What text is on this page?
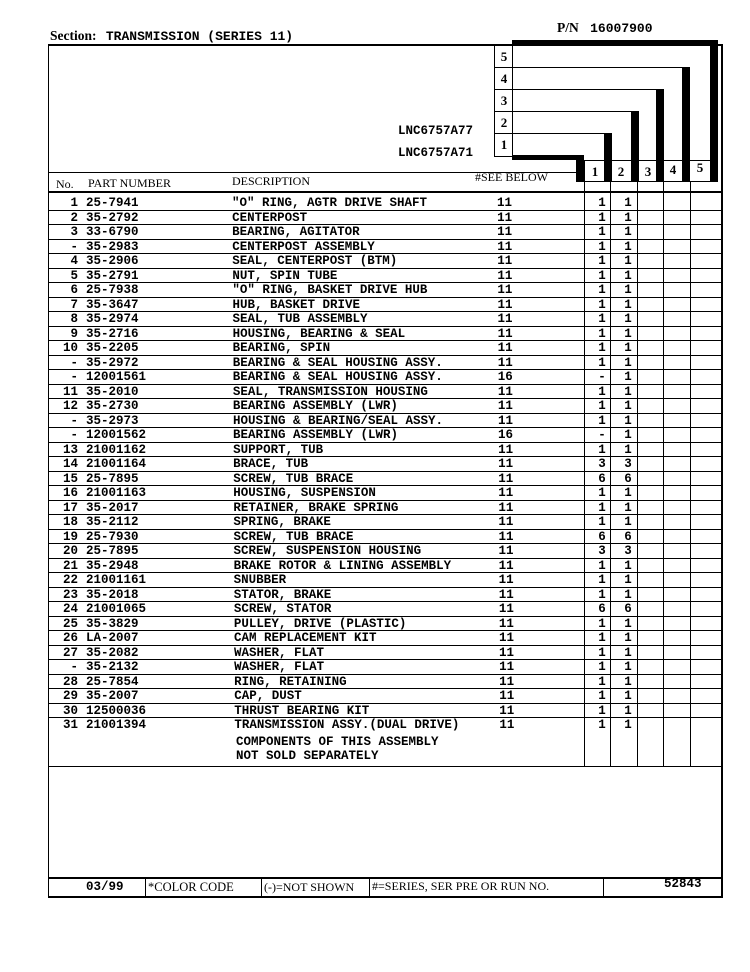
Section: TRANSMISSION (SERIES 11)
P/N 16007900
5
4
3
2
1
1	2	3	4	5
LNC6757A77
LNC6757A71
No. PART NUMBER	DESCRIPTION	#SEE BELOW
1 25-7941	"O" RING, AGTR DRIVE SHAFT	11	1	1
2 35-2792	CENTERPOST	11	1	1
3 33-6790	BEARING, AGITATOR	11	1	1
- 35-2983	CENTERPOST ASSEMBLY	11	1	1
4 35-2906	SEAL, CENTERPOST (BTM)	11	1	1
5 35-2791	NUT, SPIN TUBE	11	1	1
6 25-7938	"O" RING, BASKET DRIVE HUB	11	1	1
7 35-3647	HUB, BASKET DRIVE	11	1	1
8 35-2974	SEAL, TUB ASSEMBLY	11	1	1
9 35-2716	HOUSING, BEARING & SEAL	11	1	1
10 35-2205	BEARING, SPIN	11	1	1
- 35-2972	BEARING & SEAL HOUSING ASSY.	11	1	1
- 12001561	BEARING & SEAL HOUSING ASSY.	16	-	1
11 35-2010	SEAL, TRANSMISSION HOUSING	11	1	1
12 35-2730	BEARING ASSEMBLY (LWR)	11	1	1
- 35-2973	HOUSING & BEARING/SEAL ASSY.	11	1	1
- 12001562	BEARING ASSEMBLY (LWR)	16	-	1
13 21001162	SUPPORT, TUB	11	1	1
14 21001164	BRACE, TUB	11	3	3
15 25-7895	SCREW, TUB BRACE	11	6	6
16 21001163	HOUSING, SUSPENSION	11	1	1
17 35-2017	RETAINER, BRAKE SPRING	11	1	1
18 35-2112	SPRING, BRAKE	11	1	1
19 25-7930	SCREW, TUB BRACE	11	6	6
20 25-7895	SCREW, SUSPENSION HOUSING	11	3	3
21 35-2948	BRAKE ROTOR & LINING ASSEMBLY	11	1	1
22 21001161	SNUBBER	11	1	1
23 35-2018	STATOR, BRAKE	11	1	1
24 21001065	SCREW, STATOR	11	6	6
25 35-3829	PULLEY, DRIVE (PLASTIC)	11	1	1
26 LA-2007	CAM REPLACEMENT KIT	11	1	1
27 35-2082	WASHER, FLAT	11	1	1
- 35-2132	WASHER, FLAT	11	1	1
28 25-7854	RING, RETAINING	11	1	1
29 35-2007	CAP, DUST	11	1	1
30 12500036	THRUST BEARING KIT	11	1	1
31 21001394	TRANSMISSION ASSY.(DUAL DRIVE)	11	1	1
COMPONENTS OF THIS ASSEMBLY
NOT SOLD SEPARATELY
03/99 *COLOR CODE	(-)=NOT SHOWN #=SERIES, SER PRE OR RUN NO.	52843
